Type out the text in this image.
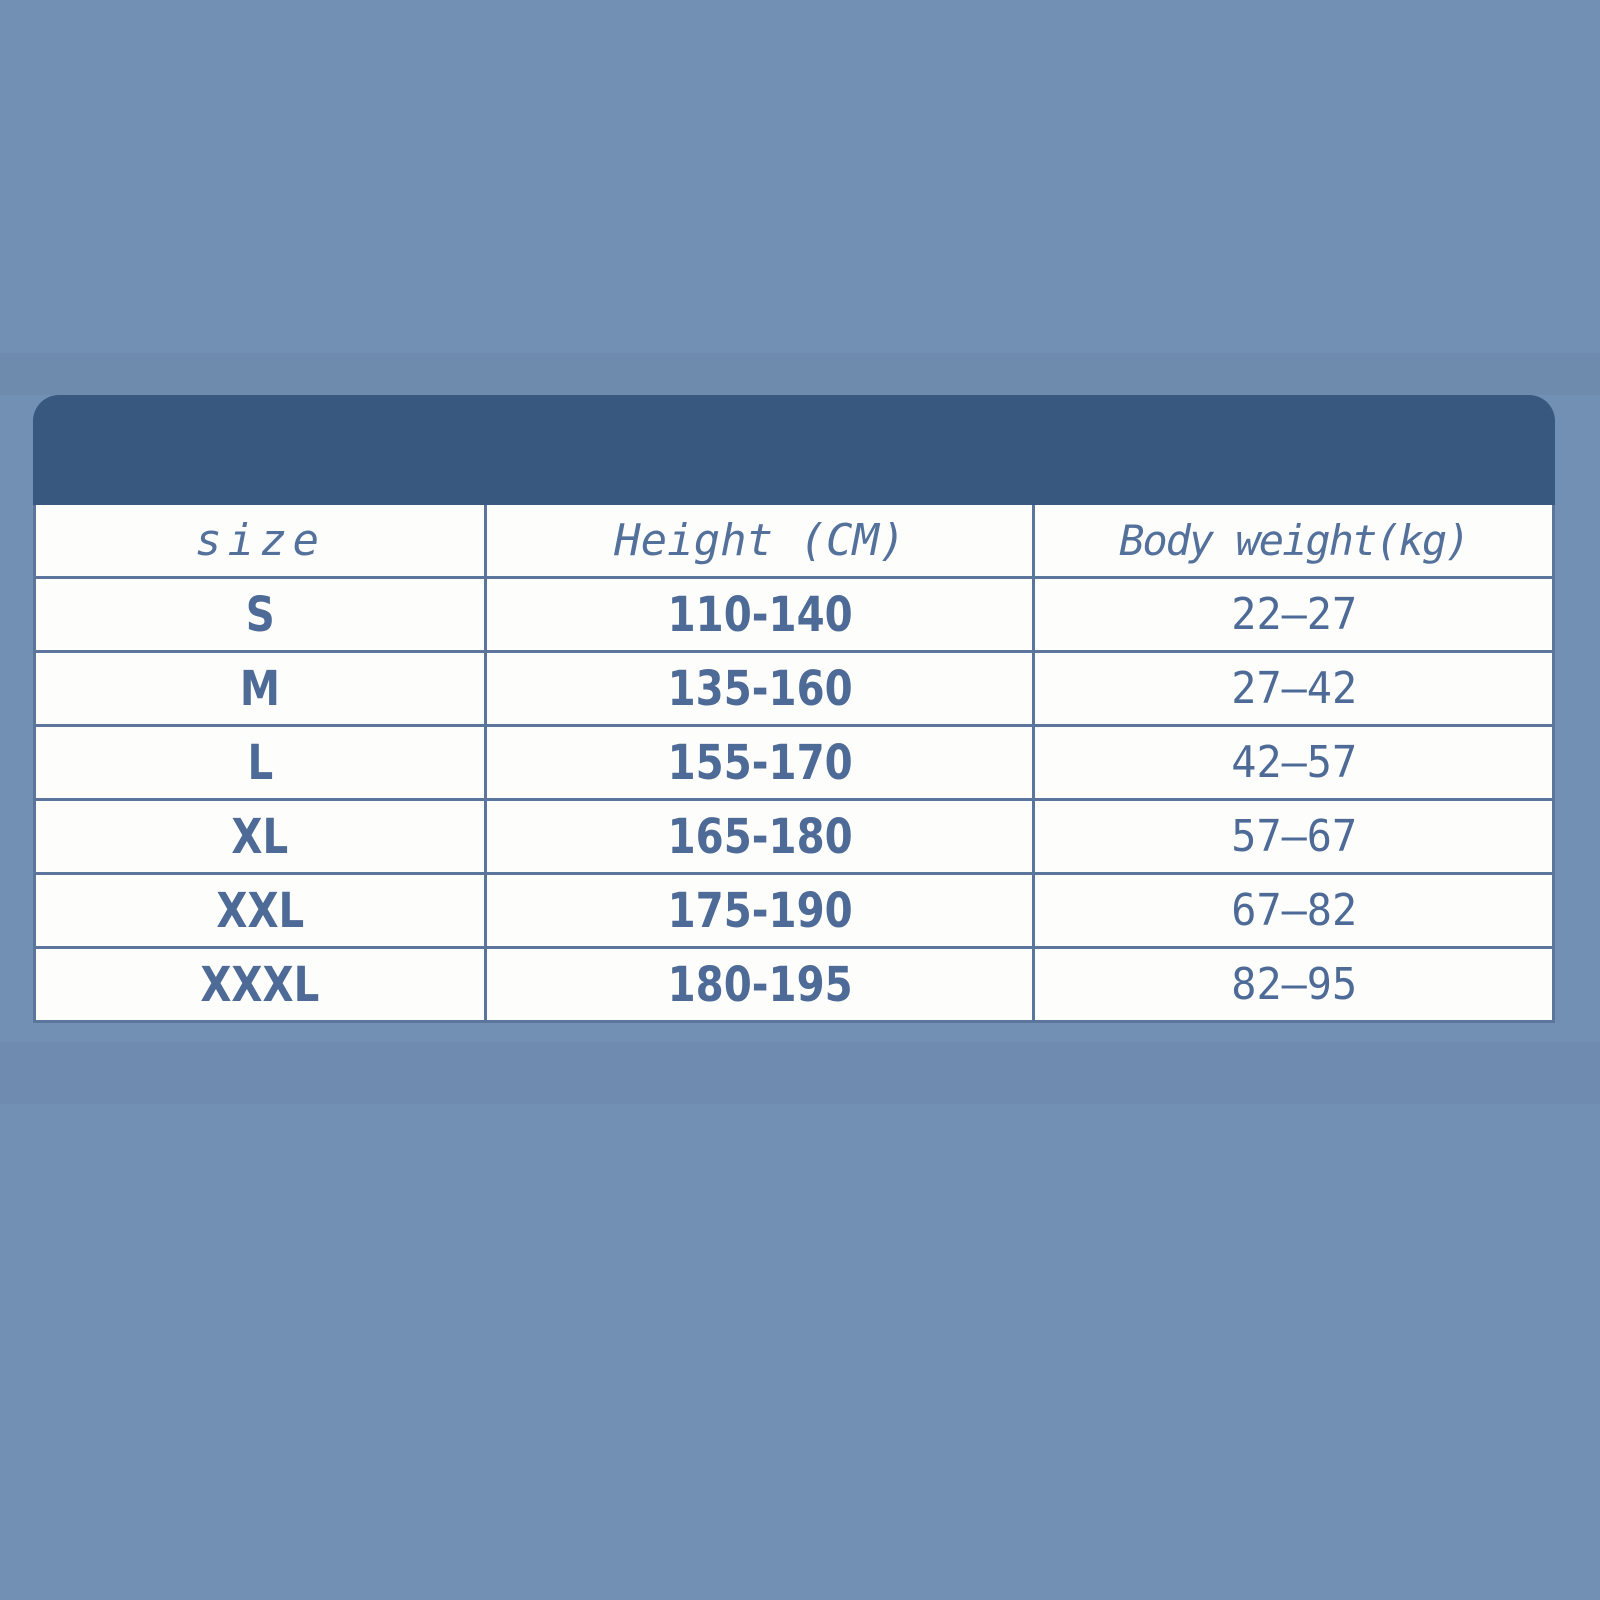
size	Height (CM)	Body weight(kg)
S	110-140	22–27
M	135-160	27–42
L	155-170	42–57
XL	165-180	57–67
XXL	175-190	67–82
XXXL	180-195	82–95
